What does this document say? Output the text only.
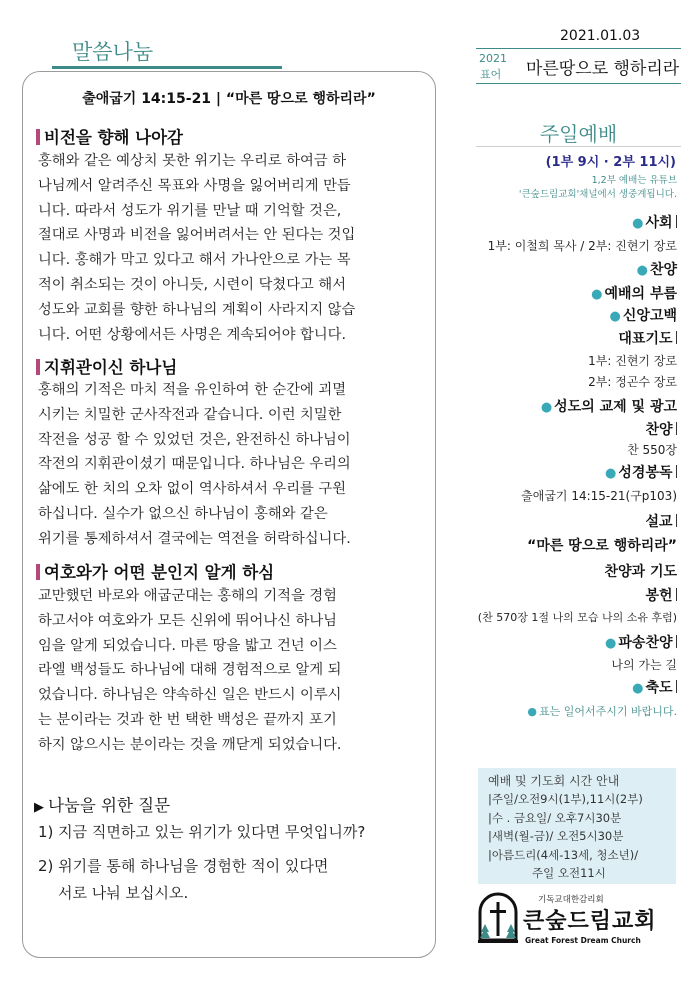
말씀나눔
출애굽기 14:15-21 | “마른 땅으로 행하리라”
비전을 향해 나아감
홍해와 같은 예상치 못한 위기는 우리로 하여금 하
나님께서 알려주신 목표와 사명을 잃어버리게 만듭
니다. 따라서 성도가 위기를 만날 때 기억할 것은,
절대로 사명과 비전을 잃어버려서는 안 된다는 것입
니다. 홍해가 막고 있다고 해서 가나안으로 가는 목
적이 취소되는 것이 아니듯, 시련이 닥쳤다고 해서
성도와 교회를 향한 하나님의 계획이 사라지지 않습
니다. 어떤 상황에서든 사명은 계속되어야 합니다.
지휘관이신 하나님
홍해의 기적은 마치 적을 유인하여 한 순간에 괴멸
시키는 치밀한 군사작전과 같습니다. 이런 치밀한
작전을 성공 할 수 있었던 것은, 완전하신 하나님이
작전의 지휘관이셨기 때문입니다. 하나님은 우리의
삶에도 한 치의 오차 없이 역사하셔서 우리를 구원
하십니다. 실수가 없으신 하나님이 홍해와 같은
위기를 통제하셔서 결국에는 역전을 허락하십니다.
여호와가 어떤 분인지 알게 하심
교만했던 바로와 애굽군대는 홍해의 기적을 경험
하고서야 여호와가 모든 신위에 뛰어나신 하나님
임을 알게 되었습니다. 마른 땅을 밟고 건넌 이스
라엘 백성들도 하나님에 대해 경험적으로 알게 되
었습니다. 하나님은 약속하신 일은 반드시 이루시
는 분이라는 것과 한 번 택한 백성은 끝까지 포기
하지 않으시는 분이라는 것을 깨닫게 되었습니다.
▶ 나눔을 위한 질문
1) 지금 직면하고 있는 위기가 있다면 무엇입니까?
2) 위기를 통해 하나님을 경험한 적이 있다면
서로 나눠 보십시오.
2021.01.03
2021
표어 마른땅으로 행하리라
주일예배
(1부 9시 · 2부 11시)
1,2부 예배는 유튜브
'큰숲드림교회'채널에서 생중계됩니다.
● 사회
1부: 이철희 목사 / 2부: 진현기 장로
● 찬양
● 예배의 부름
● 신앙고백
대표기도
1부: 진현기 장로
2부: 정곤수 장로
● 성도의 교제 및 광고
찬양
찬 550장
● 성경봉독
출애굽기 14:15-21(구p103)
설교
“마른 땅으로 행하리라”
찬양과 기도
봉헌
(찬 570장 1절 나의 모습 나의 소유 후렴)
● 파송찬양
나의 가는 길
● 축도
● 표는 일어서주시기 바랍니다.
예배 및 기도회 시간 안내
|주일/오전9시(1부),11시(2부)
|수 . 금요일/ 오후7시30분
|새벽(월-금)/ 오전5시30분
|아름드리(4세-13세, 청소년)/
주일 오전11시
기독교대한감리회
큰숲드림교회
Great Forest Dream Church
